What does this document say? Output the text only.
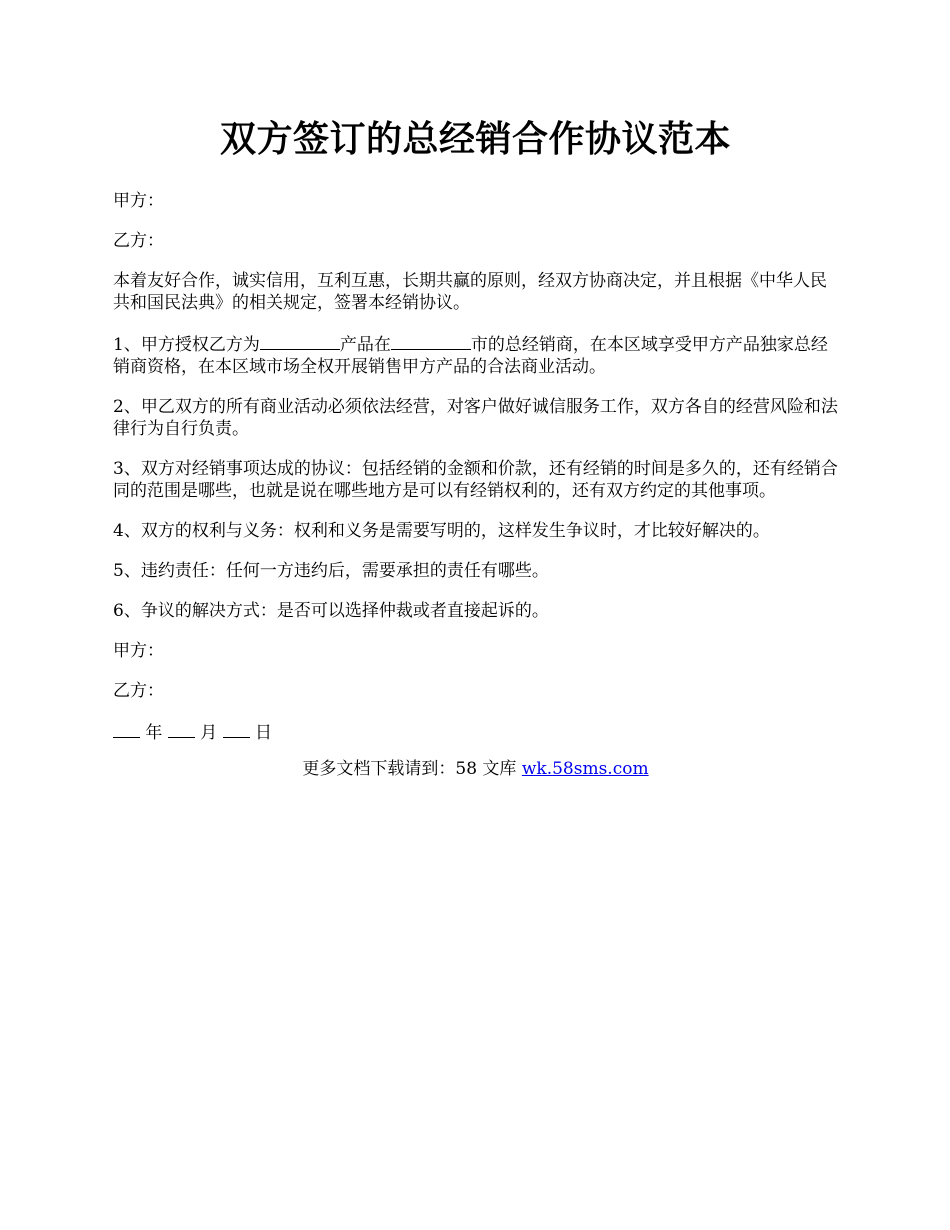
双方签订的总经销合作协议范本

甲方：

乙方：

本着友好合作，诚实信用，互利互惠，长期共赢的原则，经双方协商决定，并且根据《中华人民共和国民法典》的相关规定，签署本经销协议。

1、甲方授权乙方为	产品在	市的总经销商，在本区域享受甲方产品独家总经销商资格，在本区域市场全权开展销售甲方产品的合法商业活动。

2、甲乙双方的所有商业活动必须依法经营，对客户做好诚信服务工作，双方各自的经营风险和法律行为自行负责。

3、双方对经销事项达成的协议：包括经销的金额和价款，还有经销的时间是多久的，还有经销合同的范围是哪些，也就是说在哪些地方是可以有经销权利的，还有双方约定的其他事项。

4、双方的权利与义务：权利和义务是需要写明的，这样发生争议时，才比较好解决的。

5、违约责任：任何一方违约后，需要承担的责任有哪些。

6、争议的解决方式：是否可以选择仲裁或者直接起诉的。

甲方：

乙方：

年 月 日

更多文档下载请到：58 文库 wk.58sms.com
